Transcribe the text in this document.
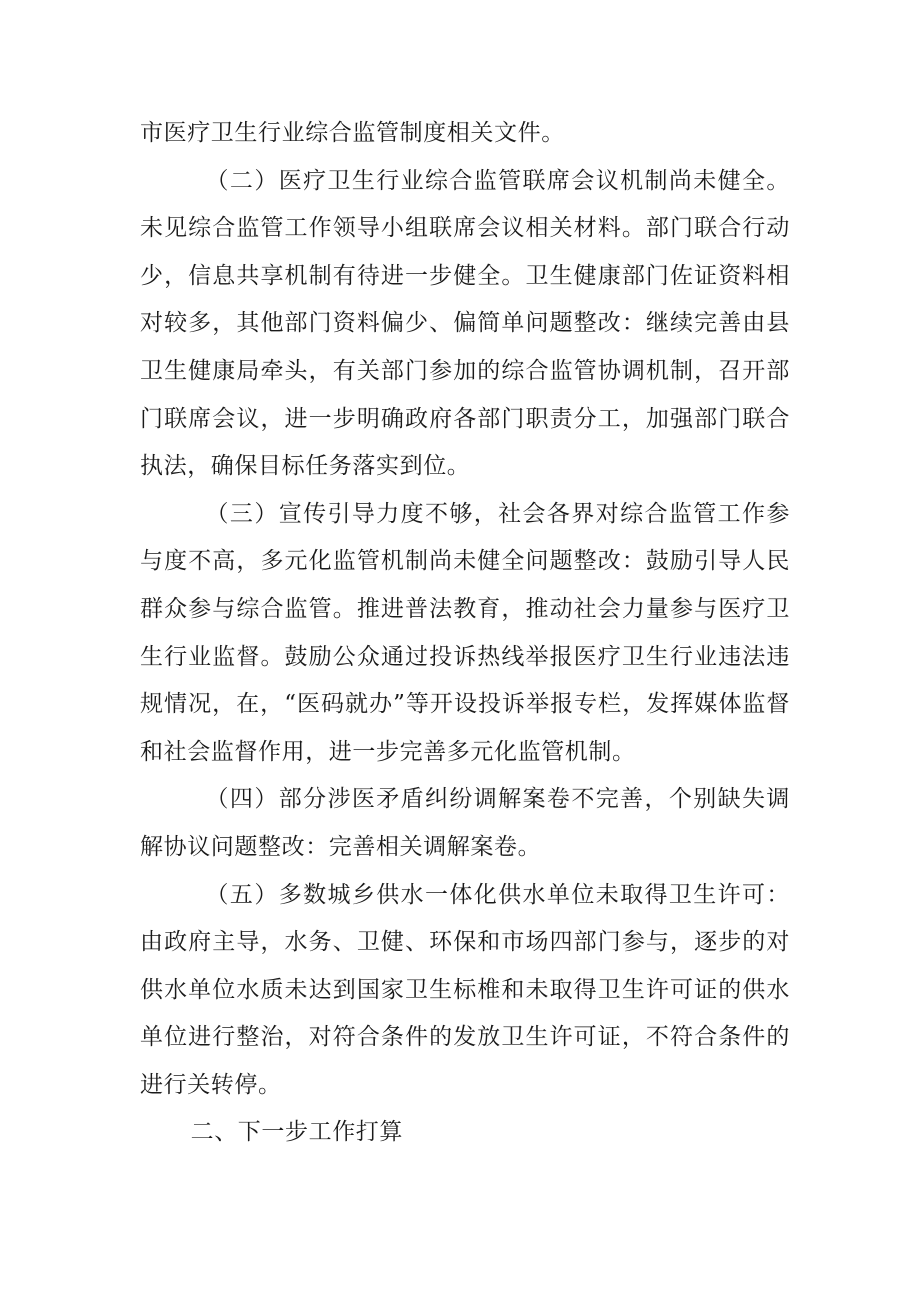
市医疗卫生行业综合监管制度相关文件。

（二）医疗卫生行业综合监管联席会议机制尚未健全。未见综合监管工作领导小组联席会议相关材料。部门联合行动少，信息共享机制有待进一步健全。卫生健康部门佐证资料相对较多，其他部门资料偏少、偏简单问题整改：继续完善由县卫生健康局牵头，有关部门参加的综合监管协调机制，召开部门联席会议，进一步明确政府各部门职责分工，加强部门联合执法，确保目标任务落实到位。

（三）宣传引导力度不够，社会各界对综合监管工作参与度不高，多元化监管机制尚未健全问题整改：鼓励引导人民群众参与综合监管。推进普法教育，推动社会力量参与医疗卫生行业监督。鼓励公众通过投诉热线举报医疗卫生行业违法违规情况，在，“医码就办”等开设投诉举报专栏，发挥媒体监督和社会监督作用，进一步完善多元化监管机制。

（四）部分涉医矛盾纠纷调解案卷不完善，个别缺失调解协议问题整改：完善相关调解案卷。

（五）多数城乡供水一体化供水单位未取得卫生许可：由政府主导，水务、卫健、环保和市场四部门参与，逐步的对供水单位水质未达到国家卫生标椎和未取得卫生许可证的供水单位进行整治，对符合条件的发放卫生许可证，不符合条件的进行关转停。

二、下一步工作打算
